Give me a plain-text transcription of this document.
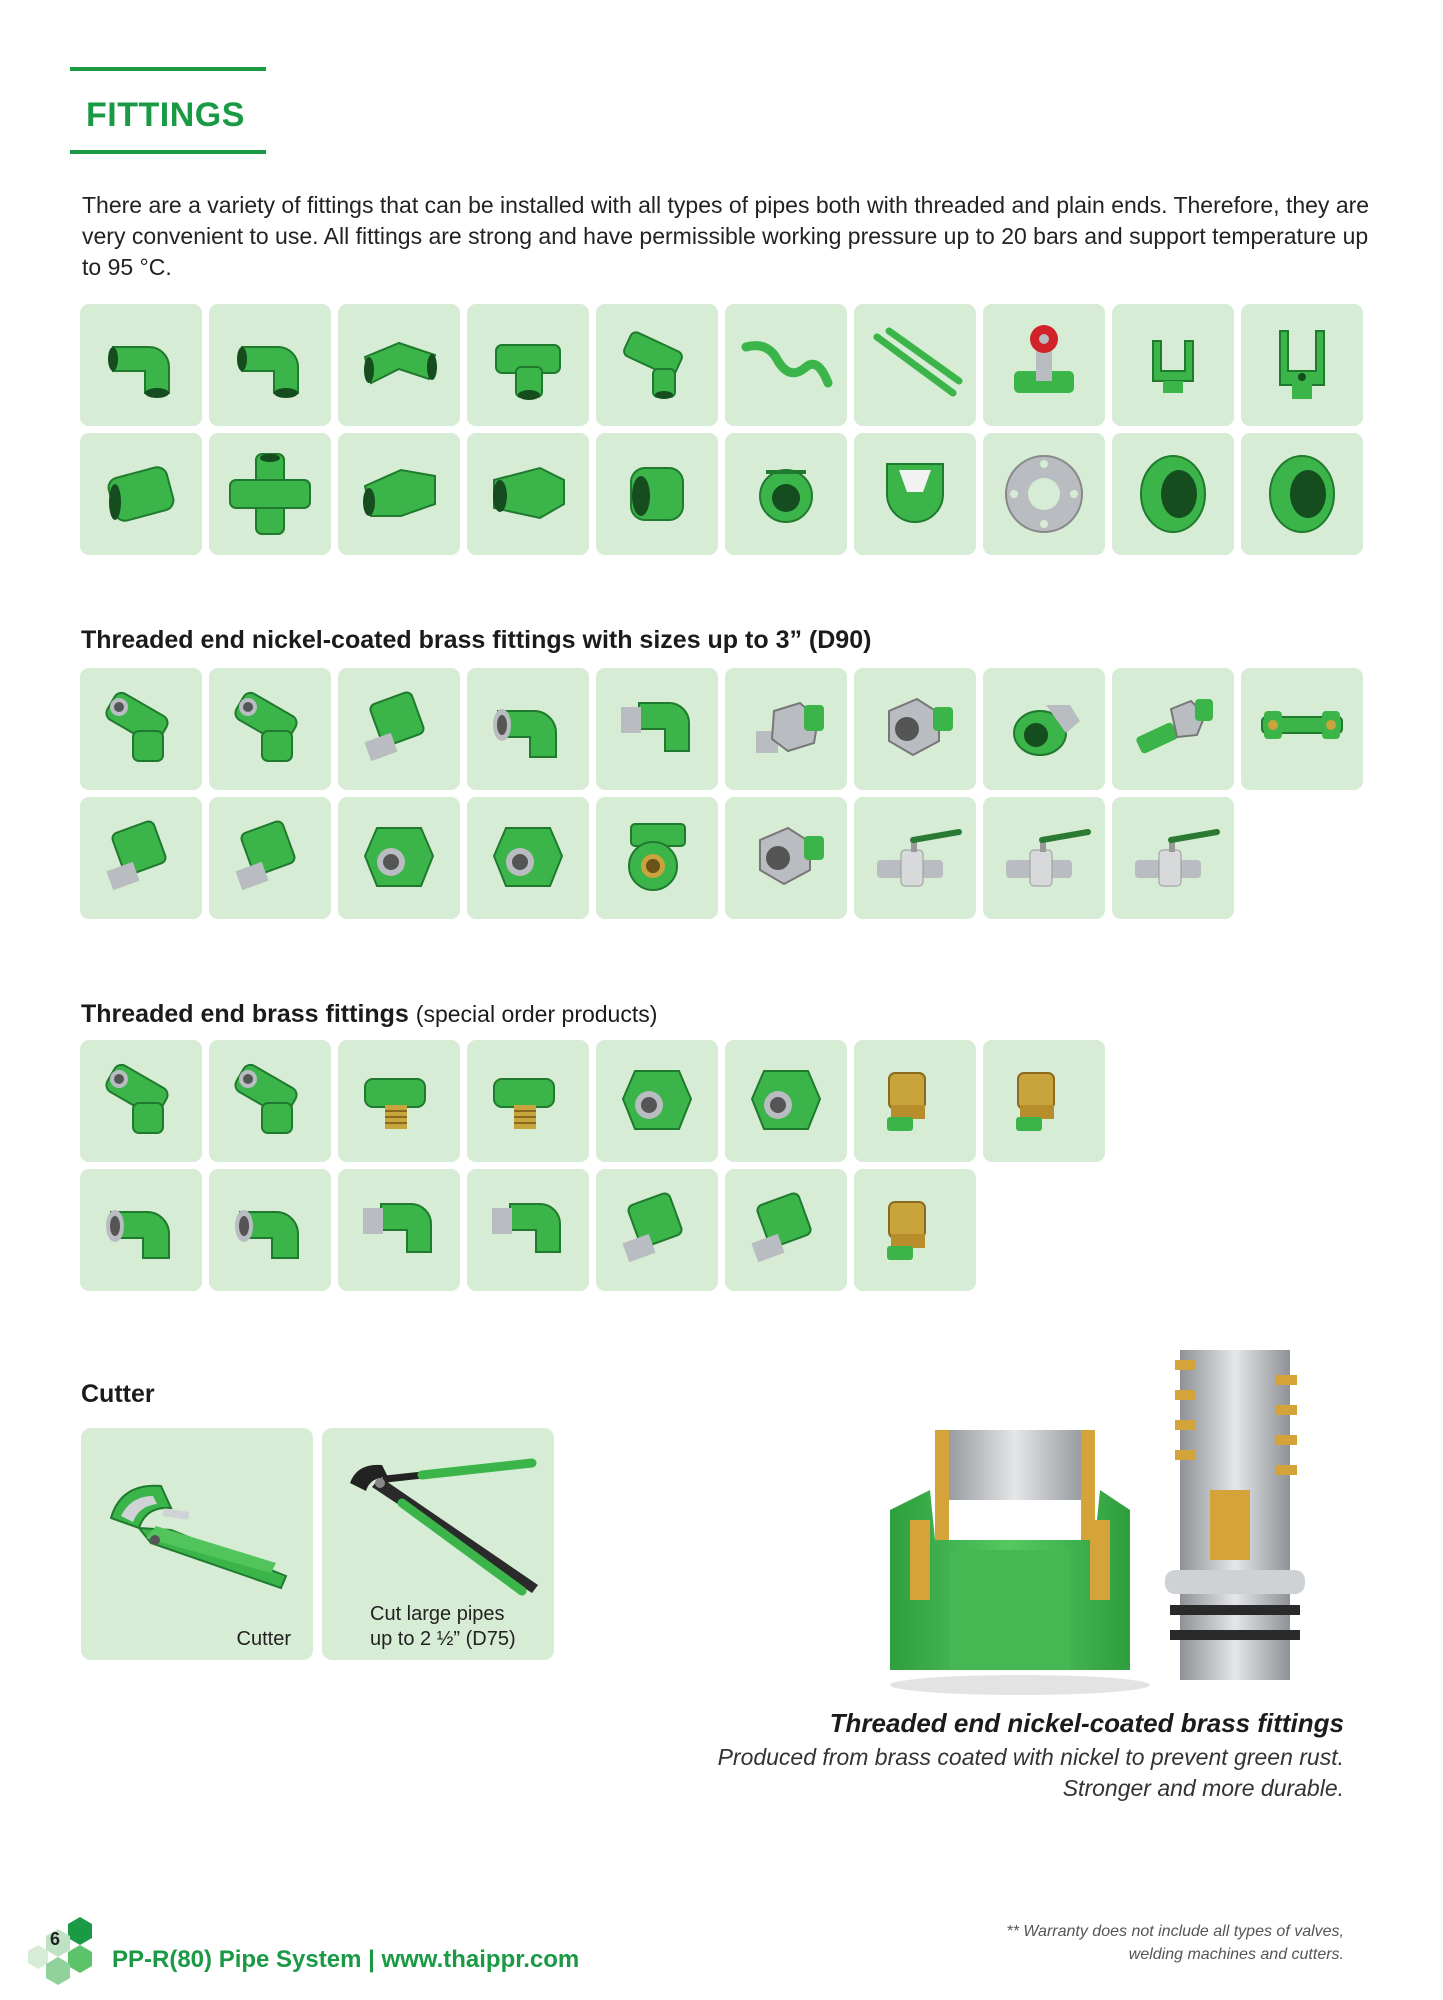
FITTINGS
There are a variety of fittings that can be installed with all types of pipes both with threaded and plain ends. Therefore, they are very convenient to use. All fittings are strong and have permissible working pressure up to 20 bars and support temperature up to 95 °C.
Threaded end nickel-coated brass fittings with sizes up to 3” (D90)
Threaded end brass fittings (special order products)
Cutter
Cutter
Cut large pipes
up to 2 ½” (D75)
Threaded end nickel-coated brass fittings
Produced from brass coated with nickel to prevent green rust.
Stronger and more durable.
** Warranty does not include all types of valves,
welding machines and cutters.
6
PP-R(80) Pipe System | www.thaippr.com
